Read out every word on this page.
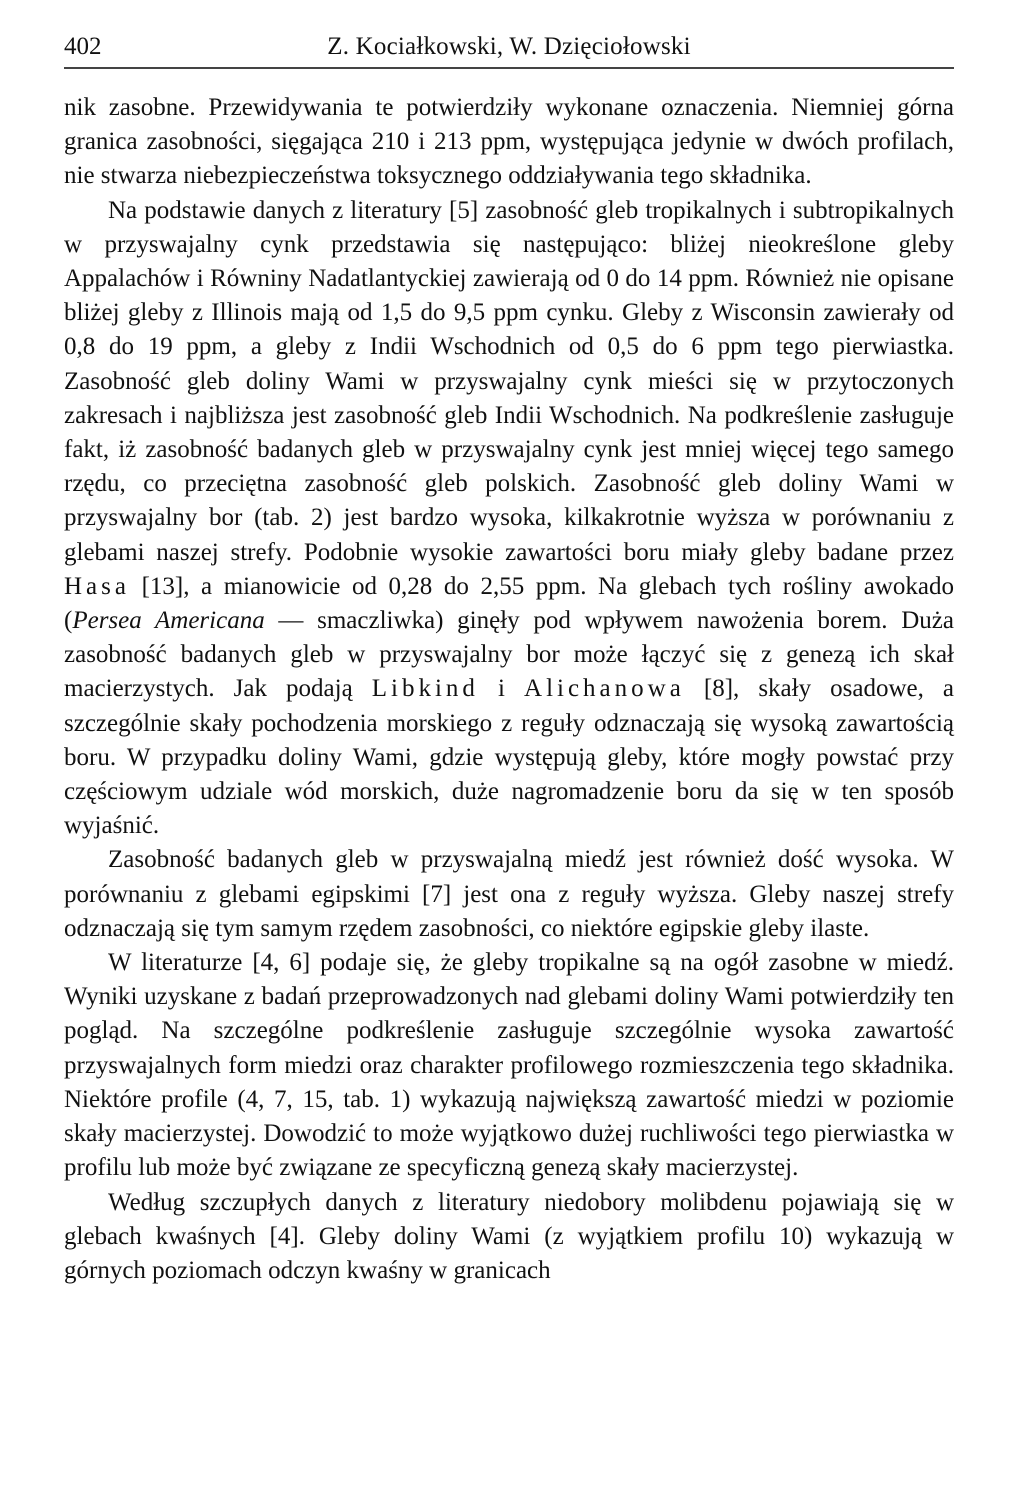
402	Z. Kociałkowski, W. Dzięciołowski

nik zasobne. Przewidywania te potwierdziły wykonane oznaczenia. Niemniej górna granica zasobności, sięgająca 210 i 213 ppm, występująca jedynie w dwóch profilach, nie stwarza niebezpieczeństwa toksycznego oddziaływania tego składnika.

Na podstawie danych z literatury [5] zasobność gleb tropikalnych i subtropikalnych w przyswajalny cynk przedstawia się następująco: bliżej nieokreślone gleby Appalachów i Równiny Nadatlantyckiej zawierają od 0 do 14 ppm. Również nie opisane bliżej gleby z Illinois mają od 1,5 do 9,5 ppm cynku. Gleby z Wisconsin zawierały od 0,8 do 19 ppm, a gleby z Indii Wschodnich od 0,5 do 6 ppm tego pierwiastka. Zasobność gleb doliny Wami w przyswajalny cynk mieści się w przytoczonych zakresach i najbliższa jest zasobność gleb Indii Wschodnich. Na podkreślenie zasługuje fakt, iż zasobność badanych gleb w przyswajalny cynk jest mniej więcej tego samego rzędu, co przeciętna zasobność gleb polskich. Zasobność gleb doliny Wami w przyswajalny bor (tab. 2) jest bardzo wysoka, kilkakrotnie wyższa w porównaniu z glebami naszej strefy. Podobnie wysokie zawartości boru miały gleby badane przez Hasa [13], a mianowicie od 0,28 do 2,55 ppm. Na glebach tych rośliny awokado (Persea Americana — smaczliwka) ginęły pod wpływem nawożenia borem. Duża zasobność badanych gleb w przyswajalny bor może łączyć się z genezą ich skał macierzystych. Jak podają Libkind i Alichanowa [8], skały osadowe, a szczególnie skały pochodzenia morskiego z reguły odznaczają się wysoką zawartością boru. W przypadku doliny Wami, gdzie występują gleby, które mogły powstać przy częściowym udziale wód morskich, duże nagromadzenie boru da się w ten sposób wyjaśnić.

Zasobność badanych gleb w przyswajalną miedź jest również dość wysoka. W porównaniu z glebami egipskimi [7] jest ona z reguły wyższa. Gleby naszej strefy odznaczają się tym samym rzędem zasobności, co niektóre egipskie gleby ilaste.

W literaturze [4, 6] podaje się, że gleby tropikalne są na ogół zasobne w miedź. Wyniki uzyskane z badań przeprowadzonych nad glebami doliny Wami potwierdziły ten pogląd. Na szczególne podkreślenie zasługuje szczególnie wysoka zawartość przyswajalnych form miedzi oraz charakter profilowego rozmieszczenia tego składnika. Niektóre profile (4, 7, 15, tab. 1) wykazują największą zawartość miedzi w poziomie skały macierzystej. Dowodzić to może wyjątkowo dużej ruchliwości tego pierwiastka w profilu lub może być związane ze specyficzną genezą skały macierzystej.

Według szczupłych danych z literatury niedobory molibdenu pojawiają się w glebach kwaśnych [4]. Gleby doliny Wami (z wyjątkiem profilu 10) wykazują w górnych poziomach odczyn kwaśny w granicach
